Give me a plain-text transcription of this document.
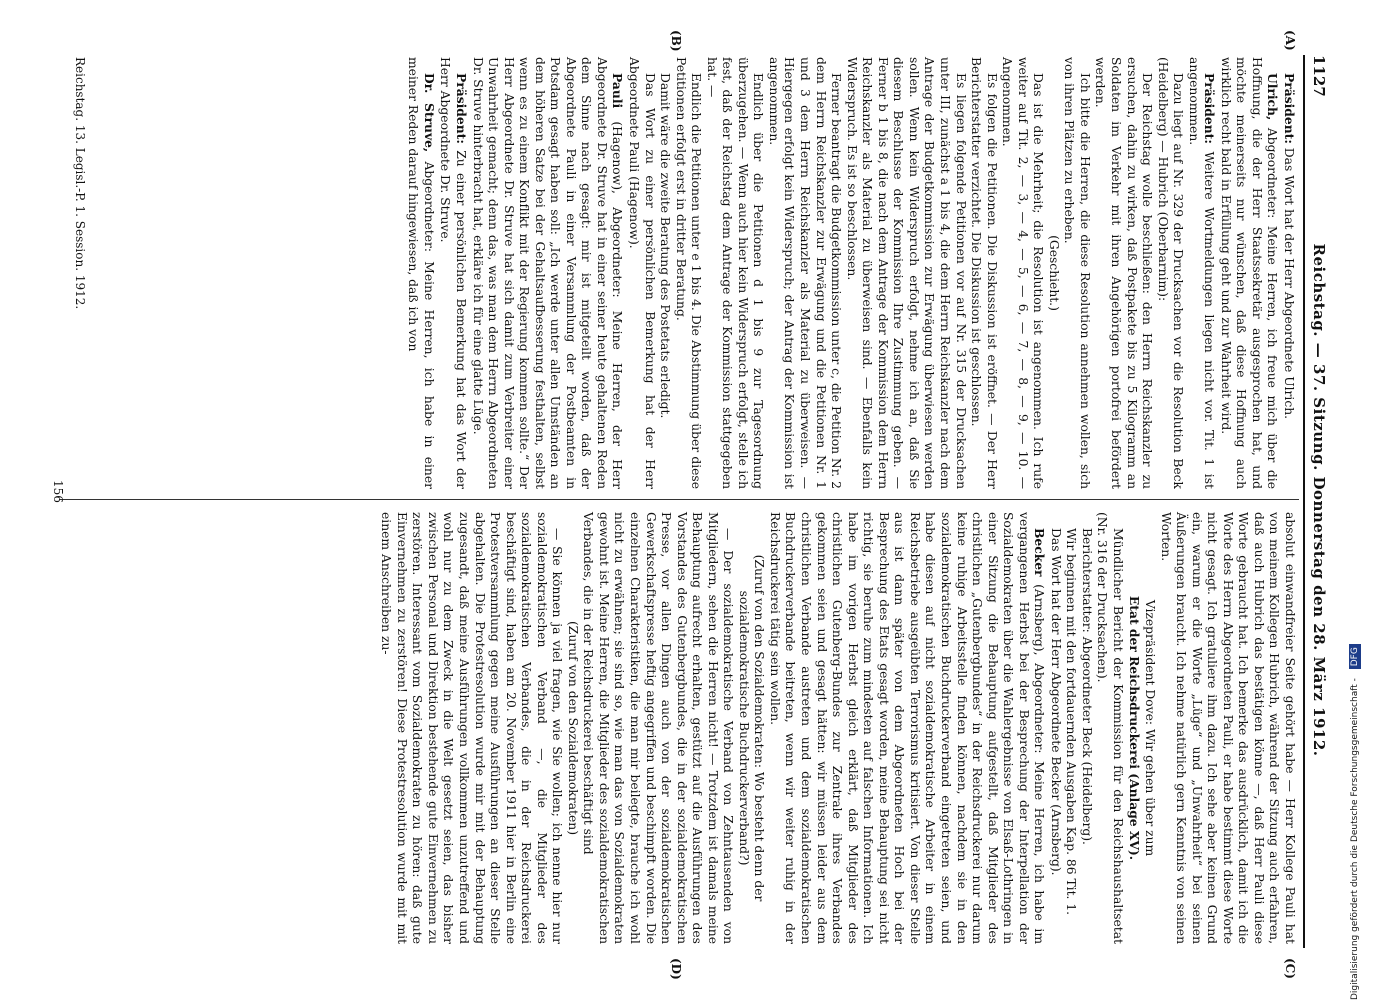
1127
Reichstag. — 37. Sitzung. Donnerstag den 28. März 1912.
(A)
(B)
(C)
(D)

Präsident: Das Wort hat der Herr Abgeordnete Ulrich.

Ulrich, Abgeordneter: Meine Herren, ich freue mich über die Hoffnung, die der Herr Staatssekretär ausgesprochen hat, und möchte meinerseits nur wünschen, daß diese Hoffnung auch wirklich recht bald in Erfüllung geht und zur Wahrheit wird.

Präsident: Weitere Wortmeldungen liegen nicht vor. Tit. 1 ist angenommen.

Dazu liegt auf Nr. 329 der Drucksachen vor die Resolution Beck (Heidelberg) — Hubrich (Oberbarnim):

Der Reichstag wolle beschließen: den Herrn Reichskanzler zu ersuchen, dahin zu wirken, daß Postpakete bis zu 5 Kilogramm an Soldaten im Verkehr mit ihren Angehörigen portofrei befördert werden.

Ich bitte die Herren, die diese Resolution annehmen wollen, sich von ihren Plätzen zu erheben.

(Geschieht.)

Das ist die Mehrheit; die Resolution ist angenommen. Ich rufe weiter auf Tit. 2, — 3, — 4, — 5, — 6, — 7, — 8, — 9, — 10. — Angenommen.

Es folgen die Petitionen. Die Diskussion ist eröffnet. — Der Herr Berichterstatter verzichtet. Die Diskussion ist geschlossen.

Es liegen folgende Petitionen vor auf Nr. 315 der Drucksachen unter III, zunächst a 1 bis 4, die dem Herrn Reichskanzler nach dem Antrage der Budgetkommission zur Erwägung überwiesen werden sollen. Wenn kein Widerspruch erfolgt, nehme ich an, daß Sie diesem Beschlusse der Kommission Ihre Zustimmung geben. — Ferner b 1 bis 8, die nach dem Antrage der Kommission dem Herrn Reichskanzler als Material zu überweisen sind. — Ebenfalls kein Widerspruch. Es ist so beschlossen.

Ferner beantragt die Budgetkommission unter c, die Petition Nr. 2 dem Herrn Reichskanzler zur Erwägung und die Petitionen Nr. 1 und 3 dem Herrn Reichskanzler als Material zu überweisen. — Hiergegen erfolgt kein Widerspruch; der Antrag der Kommission ist angenommen.

Endlich über die Petitionen d 1 bis 9 zur Tagesordnung überzugehen. — Wenn auch hier kein Widerspruch erfolgt, stelle ich fest, daß der Reichstag dem Antrage der Kommission stattgegeben hat. —

Endlich die Petitionen unter e 1 bis 4. Die Abstimmung über diese Petitionen erfolgt erst in dritter Beratung.

Damit wäre die zweite Beratung des Postetats erledigt.

Das Wort zu einer persönlichen Bemerkung hat der Herr Abgeordnete Pauli (Hagenow).

Pauli (Hagenow), Abgeordneter: Meine Herren, der Herr Abgeordnete Dr. Struve hat in einer seiner heute gehaltenen Reden dem Sinne nach gesagt: mir ist mitgeteilt worden, daß der Abgeordnete Pauli in einer Versammlung der Postbeamten in Potsdam gesagt haben soll: „Ich werde unter allen Umständen an dem höheren Satze bei der Gehaltsaufbesserung festhalten, selbst wenn es zu einem Konflikt mit der Regierung kommen sollte.“ Der Herr Abgeordnete Dr. Struve hat sich damit zum Verbreiter einer Unwahrheit gemacht; denn das, was man dem Herrn Abgeordneten Dr. Struve hinterbracht hat, erkläre ich für eine glatte Lüge.

Präsident: Zu einer persönlichen Bemerkung hat das Wort der Herr Abgeordnete Dr. Struve.

Dr. Struve, Abgeordneter: Meine Herren, ich habe in einer meiner Reden darauf hingewiesen, daß ich von

absolut einwandfreier Seite gehört habe — Herr Kollege Pauli hat von meinem Kollegen Hubrich, während der Sitzung auch erfahren, daß auch Hubrich das bestätigen könne —, daß Herr Pauli diese Worte gebraucht hat. Ich bemerke das ausdrücklich, damit ich die Worte des Herrn Abgeordneten Pauli, er habe bestimmt diese Worte nicht gesagt. Ich gratuliere ihm dazu. Ich sehe aber keinen Grund ein, warum er die Worte „Lüge“ und „Unwahrheit“ bei seinen Äußerungen braucht. Ich nehme natürlich gern Kenntnis von seinen Worten.

Vizepräsident Dove: Wir gehen über zum

Etat der Reichsdruckerei (Anlage XV).

Mündlicher Bericht der Kommission für den Reichshaushaltsetat (Nr. 316 der Drucksachen).

Berichterstatter: Abgeordneter Beck (Heidelberg).

Wir beginnen mit den fortdauernden Ausgaben Kap. 86 Tit. 1.

Das Wort hat der Herr Abgeordnete Becker (Arnsberg).

Becker (Arnsberg), Abgeordneter: Meine Herren, ich habe im vergangenen Herbst bei der Besprechung der Interpellation der Sozialdemokraten über die Wahlergebnisse von Elsaß-Lothringen in einer Sitzung die Behauptung aufgestellt, daß Mitglieder des christlichen „Gutenbergbundes“ in der Reichsdruckerei nur darum keine ruhige Arbeitsstelle finden können, nachdem sie in den sozialdemokratischen Buchdruckerverband eingetreten seien, und habe diesen auf nicht sozialdemokratische Arbeiter in einem Reichsbetriebe ausgeübten Terrorismus kritisiert. Von dieser Stelle aus ist dann später von dem Abgeordneten Hoch bei der Besprechung des Etats gesagt worden, meine Behauptung sei nicht richtig, sie beruhe zum mindesten auf falschen Informationen. Ich habe im vorigen Herbst gleich erklärt, daß Mitglieder des christlichen Gutenberg-Bundes zur Zentrale ihres Verbandes gekommen seien und gesagt hätten: wir müssen leider aus dem christlichen Verbande austreten und dem sozialdemokratischen Buchdruckerverbande beitreten, wenn wir weiter ruhig in der Reichsdruckerei tätig sein wollen.

(Zuruf von den Sozialdemokraten: Wo besteht denn der sozialdemokratische Buchdruckerverband?)

— Der sozialdemokratische Verband von Zehntausenden von Mitgliedern, sehen die Herren nicht! — Trotzdem ist damals meine Behauptung aufrecht erhalten, gestützt auf die Ausführungen des Vorstandes des Gutenbergbundes, die in der sozialdemokratischen Presse, vor allen Dingen auch von der sozialdemokratischen Gewerkschaftspresse heftig angegriffen und beschimpft worden. Die einzelnen Charakteristiken, die man mir beilegte, brauche ich wohl nicht zu erwähnen; sie sind so, wie man das von Sozialdemokraten gewohnt ist. Meine Herren, die Mitglieder des sozialdemokratischen Verbandes, die in der Reichsdruckerei beschäftigt sind

(Zuruf von den Sozialdemokraten)

— Sie können ja viel fragen, wie Sie wollen; ich nenne hier nur sozialdemokratischen Verband —, die Mitglieder des sozialdemokratischen Verbandes, die in der Reichsdruckerei beschäftigt sind, haben am 20. November 1911 hier in Berlin eine Protestversammlung gegen meine Ausführungen an dieser Stelle abgehalten. Die Protestresolution wurde mir mit der Behauptung zugesandt, daß meine Ausführungen vollkommen unzutreffend und wohl nur zu dem Zweck in die Welt gesetzt seien, das bisher zwischen Personal und Direktion bestehende gute Einvernehmen zu zerstören. Interessant vom Sozialdemokraten zu hören: daß gute Einvernehmen zu zerstören! Diese Protestresolution wurde mit mit einem Anschreiben zu-

Reichstag. 13. Legisl.-P. 1. Session. 1912.
156
Digitalisierung gefördert durch die Deutsche Forschungsgemeinschaft - DFG
